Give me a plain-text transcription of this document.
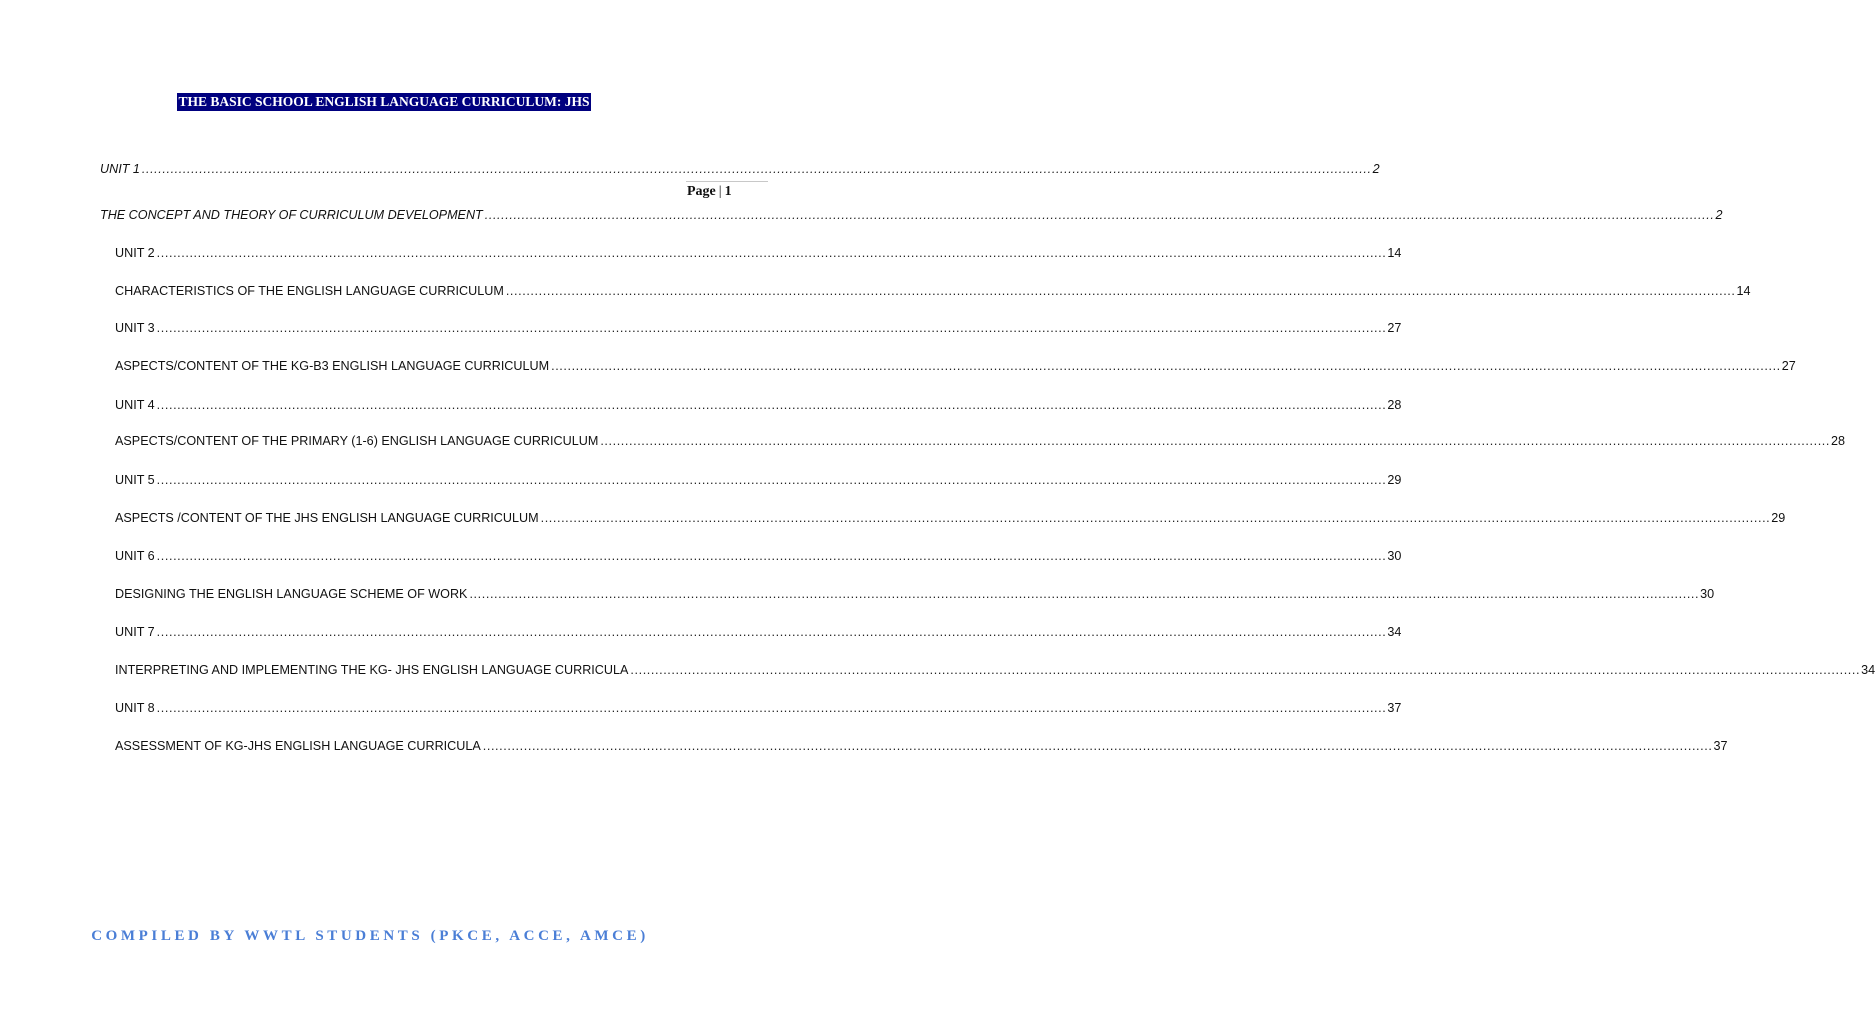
THE BASIC SCHOOL ENGLISH LANGUAGE CURRICULUM: JHS
Page | 1
UNIT 1 ............................................................................................................................................................................................................................................................................................................ 2
THE CONCEPT AND THEORY OF CURRICULUM DEVELOPMENT ............................................................................................................................................................................................................................................................................................................ 2
UNIT 2 ............................................................................................................................................................................................................................................................................................................ 14
CHARACTERISTICS OF THE ENGLISH LANGUAGE CURRICULUM ............................................................................................................................................................................................................................................................................................................ 14
UNIT 3 ............................................................................................................................................................................................................................................................................................................ 27
ASPECTS/CONTENT OF THE KG-B3 ENGLISH LANGUAGE CURRICULUM ............................................................................................................................................................................................................................................................................................................ 27
UNIT 4 ............................................................................................................................................................................................................................................................................................................ 28
ASPECTS/CONTENT OF THE PRIMARY (1-6) ENGLISH LANGUAGE CURRICULUM ............................................................................................................................................................................................................................................................................................................ 28
UNIT 5 ............................................................................................................................................................................................................................................................................................................ 29
ASPECTS /CONTENT OF THE JHS ENGLISH LANGUAGE CURRICULUM ............................................................................................................................................................................................................................................................................................................ 29
UNIT 6 ............................................................................................................................................................................................................................................................................................................ 30
DESIGNING THE ENGLISH LANGUAGE SCHEME OF WORK ............................................................................................................................................................................................................................................................................................................ 30
UNIT 7 ............................................................................................................................................................................................................................................................................................................ 34
INTERPRETING AND IMPLEMENTING THE KG- JHS ENGLISH LANGUAGE CURRICULA ............................................................................................................................................................................................................................................................................................................ 34
UNIT 8 ............................................................................................................................................................................................................................................................................................................ 37
ASSESSMENT OF KG-JHS ENGLISH LANGUAGE CURRICULA ............................................................................................................................................................................................................................................................................................................ 37
COMPILED BY WWTL STUDENTS (PKCE, ACCE, AMCE)
